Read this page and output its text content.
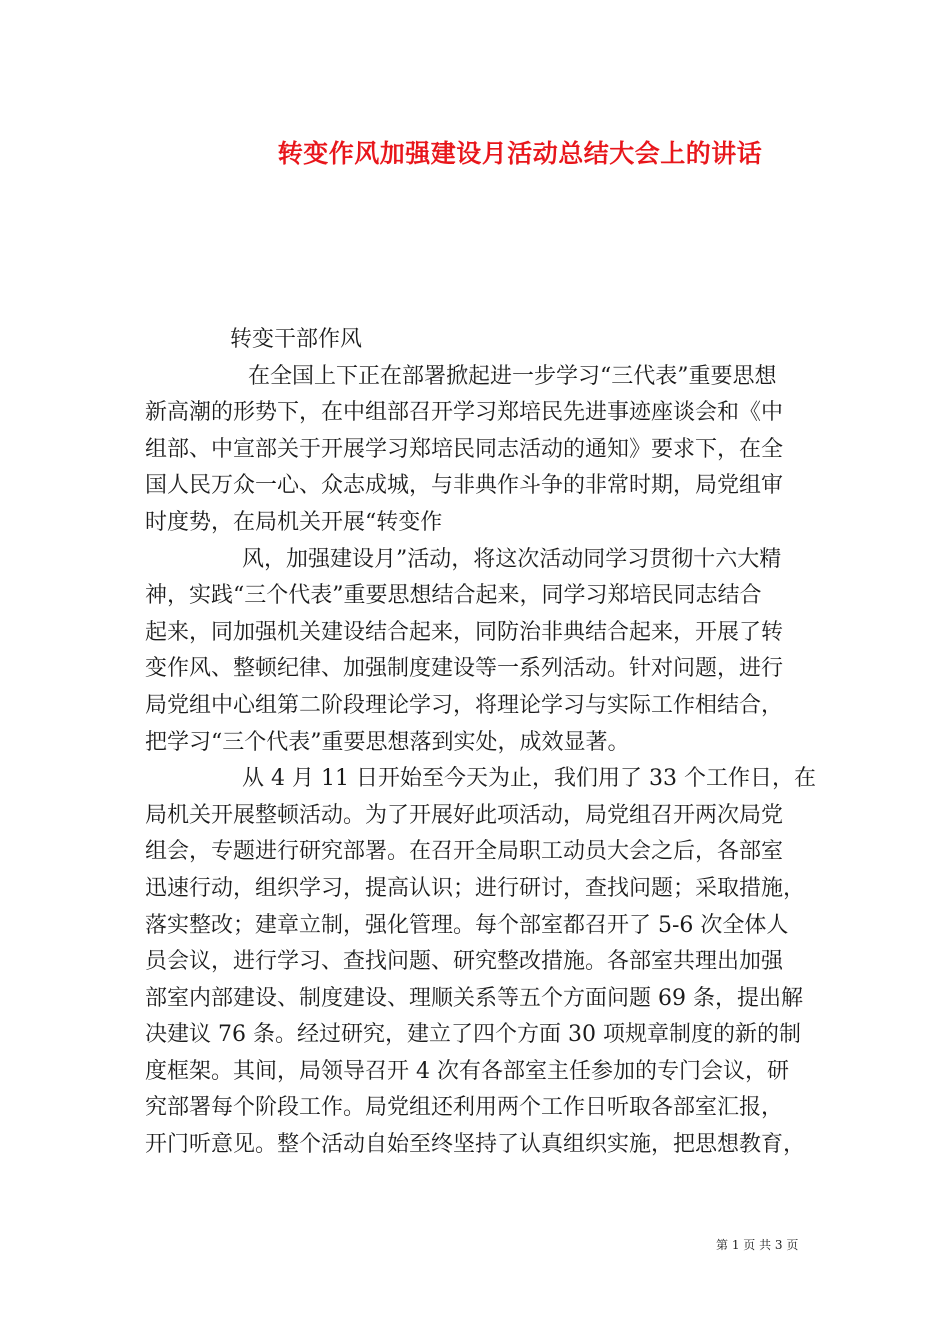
转变作风加强建设月活动总结大会上的讲话
转变干部作风
在全国上下正在部署掀起进一步学习“三代表”重要思想
新高潮的形势下，在中组部召开学习郑培民先进事迹座谈会和《中
组部、中宣部关于开展学习郑培民同志活动的通知》要求下，在全
国人民万众一心、众志成城，与非典作斗争的非常时期，局党组审
时度势，在局机关开展“转变作
风，加强建设月”活动，将这次活动同学习贯彻十六大精
神，实践“三个代表”重要思想结合起来，同学习郑培民同志结合
起来，同加强机关建设结合起来，同防治非典结合起来，开展了转
变作风、整顿纪律、加强制度建设等一系列活动。针对问题，进行
局党组中心组第二阶段理论学习，将理论学习与实际工作相结合，
把学习“三个代表”重要思想落到实处，成效显著。
从 4 月 11 日开始至今天为止，我们用了 33 个工作日，在
局机关开展整顿活动。为了开展好此项活动，局党组召开两次局党
组会，专题进行研究部署。在召开全局职工动员大会之后，各部室
迅速行动，组织学习，提高认识；进行研讨，查找问题；采取措施，
落实整改；建章立制，强化管理。每个部室都召开了 5-6 次全体人
员会议，进行学习、查找问题、研究整改措施。各部室共理出加强
部室内部建设、制度建设、理顺关系等五个方面问题 69 条，提出解
决建议 76 条。经过研究，建立了四个方面 30 项规章制度的新的制
度框架。其间，局领导召开 4 次有各部室主任参加的专门会议，研
究部署每个阶段工作。局党组还利用两个工作日听取各部室汇报，
开门听意见。整个活动自始至终坚持了认真组织实施，把思想教育，
第 1 页 共 3 页
